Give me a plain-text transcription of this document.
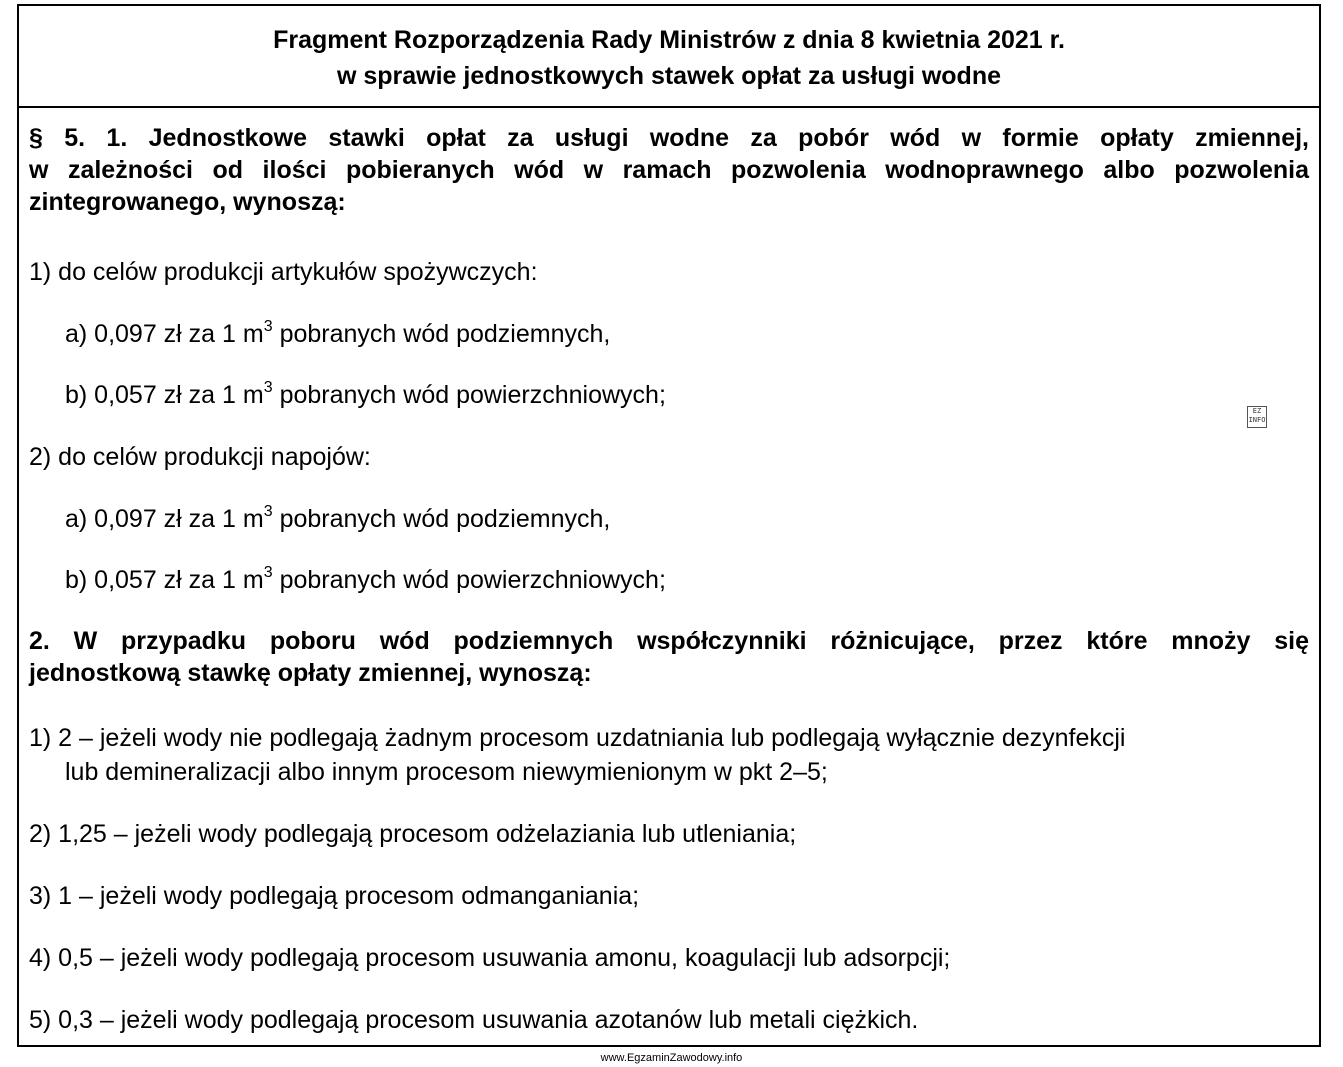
Fragment Rozporządzenia Rady Ministrów z dnia 8 kwietnia 2021 r.
w sprawie jednostkowych stawek opłat za usługi wodne
§ 5. 1. Jednostkowe stawki opłat za usługi wodne za pobór wód w formie opłaty zmiennej,
w zależności od ilości pobieranych wód w ramach pozwolenia wodnoprawnego albo pozwolenia
zintegrowanego, wynoszą:
1) do celów produkcji artykułów spożywczych:
a) 0,097 zł za 1 $m^3$ pobranych wód podziemnych,
b) 0,057 zł za 1 $m^3$ pobranych wód powierzchniowych;
2) do celów produkcji napojów:
a) 0,097 zł za 1 $m^3$ pobranych wód podziemnych,
b) 0,057 zł za 1 $m^3$ pobranych wód powierzchniowych;
2. W przypadku poboru wód podziemnych współczynniki różnicujące, przez które mnoży się
jednostkową stawkę opłaty zmiennej, wynoszą:
1) 2 – jeżeli wody nie podlegają żadnym procesom uzdatniania lub podlegają wyłącznie dezynfekcji
lub demineralizacji albo innym procesom niewymienionym w pkt 2–5;
2) 1,25 – jeżeli wody podlegają procesom odżelaziania lub utleniania;
3) 1 – jeżeli wody podlegają procesom odmanganiania;
4) 0,5 – jeżeli wody podlegają procesom usuwania amonu, koagulacji lub adsorpcji;
5) 0,3 – jeżeli wody podlegają procesom usuwania azotanów lub metali ciężkich.
EZ INFO
www.EgzaminZawodowy.info
